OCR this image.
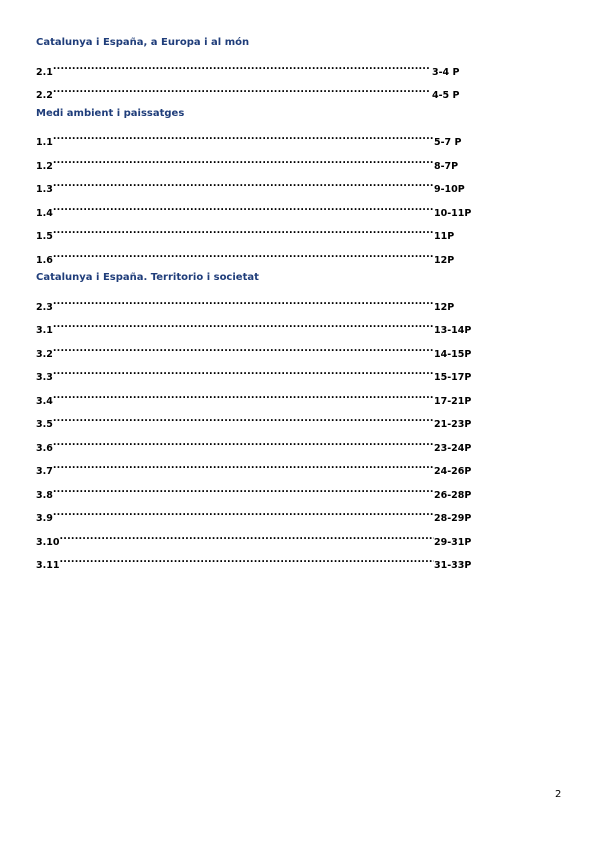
Catalunya i España, a Europa i al món
2.1 .....	3-4 P
2.2 .....	4-5 P
Medi ambient i paissatges
1.1 .....	5-7 P
1.2 .....	8-7P
1.3 .....	9-10P
1.4 .....	10-11P
1.5 .....	11P
1.6 .....	12P
Catalunya i España. Territorio i societat
2.3 .....	12P
3.1 .....	13-14P
3.2 .....	14-15P
3.3 .....	15-17P
3.4 .....	17-21P
3.5 .....	21-23P
3.6 .....	23-24P
3.7 .....	24-26P
3.8 .....	26-28P
3.9 .....	28-29P
3.10 .....	29-31P
3.11 .....	31-33P
2
